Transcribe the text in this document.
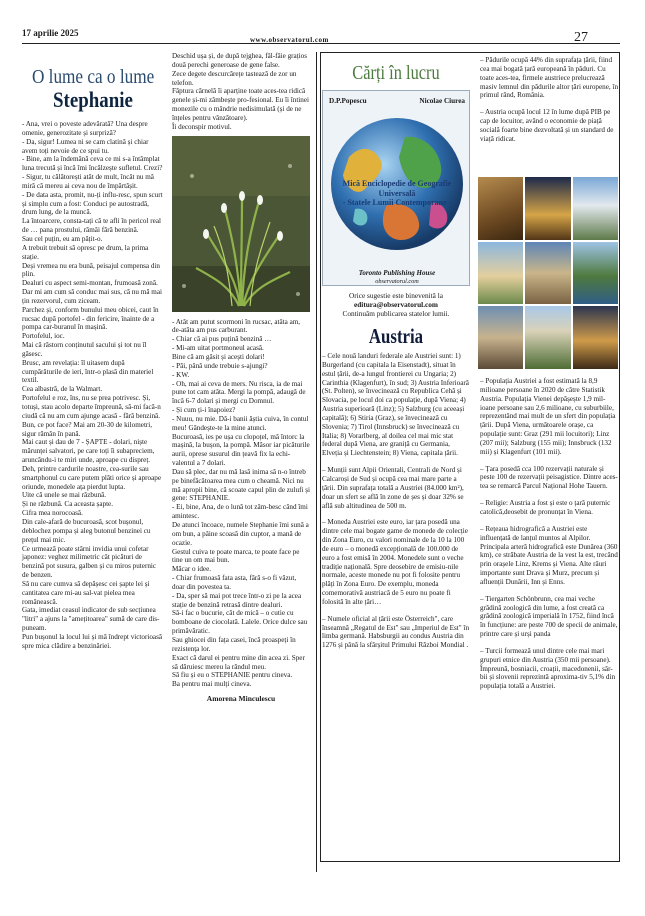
17 aprilie 2025
www.observatorul.com	27
O lume ca o lume
Stephanie

- Ana, vrei o poveste adevărată? Una despre omenie, generozitate și surpriză?

- Da, sigur! Lumea ni se cam clatină și chiar avem toți nevoie de ce spui tu.

- Bine, am la îndemână ceva ce mi s-a întâmplat luna trecută și încă îmi încălzește sufletul. Crezi?

- Sigur, tu călătorești atât de mult, încât nu mă miră că mereu ai ceva nou de împărtășit.

- De data asta, promit, nu-ți influ-resc, spun scurt și simplu cum a fost: Conduci pe autostradă, drum lung, de la muncă.

La întoarcere, consta-tați că te afli în pericol real de … pana prostului, rămâi fără benzină.

Sau cel puțin, eu am pățit-o.

A trebuit trebuit să opresc pe drum, la prima stație.

Deși vremea nu era bună, peisajul compensa din plin.

Dealuri cu aspect semi-montan, frumoasă zonă.

Dar mi am cum să conduc mai sus, că nu mă mai țin rezervorul, cum ziceam.

Parchez și, conform bunului meu obicei, caut în rucsac după portofel - din fericire, înainte de a pompa car-buranul în mașină.

Portofelul, ioc.

Mai că răstorn conținutul sacului și tot nu îl găsesc.

Brusc, am revelația: îl uitasem după cumpărăturile de ieri, într-o plasă din materiel textil.

Cea albastră, de la Walmart.

Portofelul e roz, îns, nu se prea potrivesc. Și, totuși, stau acolo departe împreună, să-mi facă-n ciudă că nu am cum ajunge acasă - fără benzină.

Bun, ce pot face? Mai am 20-30 de kilometri, sigur rămân în pană.

Mai caut și dau de 7 - ȘAPTE - dolari, niște mărunței salvatori, pe care toți îi subapreciem, aruncându-i te miri unde, aproape cu dispreț.

Deh, printre cardurile noastre, cea-surile sau smartphonul cu care putem plăti orice și aproape oriunde, monedele ața pierdut lupta.

Uite că unele se mai răzbună.

Și ne răzbună. Ca aceasta șapte.

Cifra mea norocoasă.

Din cale-afară de bucuroasă, scot bușonul, deblochez pompa și aleg butonul benzinei cu prețul mai mic.

Ce urmează poate stârni invidia unui cofetar japonez: veghez milimetric cât picături de benzină pot susura, galben și cu miros puternic de benzen.

Să nu care cumva să depășesc cei șapte lei și cantitatea care mi-au sal-vat pielea mea românească.

Gata, imediat ceasul indicator de sub secțiunea "litri" a ajuns la "amețitoarea" sumă de care dis-puneam.

Pun bușonul la locul lui și mă îndrept victorioasă spre mica clădire a benzinăriei.

Deschid ușa și, de după tejghea, fâl-fâie grațios două perechi generoase de gene false.

Zece degete descurcărețe tastează de zor un telefon.

Făptura cărnelă îi aparține toate aces-tea ridică genele și-mi zâmbește pro-fesional. Eu îi întinei monezile cu o mândrie nedisimulată (și de ne înțeles pentru vânzătoare).

Îi deconspir motivul.

- Atât am putut scormoni în rucsac, atâta am, de-atâta am pus carburant.

- Chiar că ai pus puțină benzină …

- Mi-am uitat portmoneul acasă.

Bine că am găsit și acești dolari!

- Păi, până unde trebuie s-ajungi?

- KW.

- Oh, mai ai ceva de mers. Nu risca, ia de mai pune tot cam atâta. Mergi la pompă, adaugă de încă 6-7 dolari și mergi cu Domnul.

- Și cum ți-i înapoiez?

- Nuuu, nu mie. Dă-i banii ăștia cuiva, în contul meu! Gândește-te la mine atunci.

Bucuroasă, ies pe ușa cu clopoțel, mă întorc la mașină, la bușon, la pompă. Măsor iar picăturile aurii, oprese susurul din țeavă fix la echi-valentul a 7 dolari.

Dau să plec, dar nu mă lasă inima să n-o întreb pe binefăcătoarea mea cum o cheamă. Nici nu mă apropii bine, că scoate capul plin de zulufi și gene: STEPHANIE.

- Ei, bine, Ana, de o lună tot zâm-besc când îmi amintesc.

De atunci încoace, numele Stephanie îmi sună a om bun, a pâine scoasă din cuptor, a mană de ocazie.

Gestul cuiva te poate marca, te poate face pe tine un om mai bun.

Măcar o idee.

- Chiar frumoasă fata asta, fără s-o fi văzut, doar din povestea ta.

- Da, sper să mai pot trece într-o zi pe la acea stație de benzină retrasă dintre dealuri.

Să-i fac o bucurie, cât de mică – o cutie cu bomboane de ciocolată. Lalele. Orice dulce sau primăvăratic.

Sau ghiocei din fața casei, încă proaspeți în rezistența lor.

Exact că darul ei pentru mine din acea zi. Sper să dăruiesc mereu la rândul meu.

Să fiu și eu o STEPHANIE pentru cineva.

Ba pentru mai mulți cineva.

Amorena Minculescu
Cărți în lucru
D.P.Popescu	Nicolae Ciurea
Mică Enciclopedie de Geografie Universală
- Statele Lumii Contemporane -
Toronto Publishing House
observatorul.com
Orice sugestie este binevenită la
editura@observatorul.com
Continuăm publicarea statelor lumii.
Austria

– Cele nouă landuri federale ale Austriei sunt: 1) Burgerland (cu capitala la Eisenstadt), situat în estul țării, de-a lungul frontierei cu Ungaria; 2) Carinthia (Klagenfurt), în sud; 3) Austria Inferioară (St. Polten), se învecinează cu Republica Cehă și Slovacia, pe locul doi ca populație, după Viena; 4) Austria superioară (Linz); 5) Salzburg (cu aceeași capitală); 6) Stiria (Graz), se învecinează cu Slovenia; 7) Tirol (Innsbruck) se învecinează cu Italia; 8) Vorarlberg, al doilea cel mai mic stat federal după Viena, are graniță cu Germania, Elveția și Liechtenstein; 8) Viena, capitala țării.

– Munții sunt Alpii Orientali, Centrali de Nord și Calcaroși de Sud și ocupă cea mai mare parte a țării. Din suprafața totală a Austriei (84.000 km²), doar un sfert se află în zone de șes și doar 32% se află sub altitudinea de 500 m.

– Moneda Austriei este euro, iar țara posedă una dintre cele mai bogate game de monede de colecție din Zona Euro, cu valori nominale de la 10 la 100 de euro – o monedă excepțională de 100.000 de euro a fost emisă în 2004. Monedele sunt o veche tradiție națională. Spre deosebire de emisiu-nile normale, aceste monede nu pot fi folosite pentru plăți în Zona Euro. De exemplu, moneda comemorativă austriacă de 5 euro nu poate fi folosită în alte țări…

– Numele oficial al țării este Österreich", care înseamnă „Regatul de Est" sau „Imperiul de Est" în limba germană. Habsburgii au condus Austria din 1276 și până la sfârșitul Primului Război Mondial .

– Pădurile ocupă 44% din suprafața țării, fiind cea mai bogată țară europeană în păduri. Cu toate aces-tea, firmele austriece prelucrează masiv lemnul din pădurile altor țări europene, în primul rând, România.

– Austria ocupă locul 12 în lume după PIB pe cap de locuitor, având o economie de piață socială foarte bine dezvoltată și un standard de viață ridicat.

– Populația Austriei a fost estimată la 8,9 milioane persoane în 2020 de către Statistik Austria. Populația Vienei depășește 1,9 mil-ioane persoane sau 2,6 milioane, cu suburbiile, reprezentând mai mult de un sfert din populația țării. După Viena, următoarele orașe, ca populație sunt: Graz (291 mii locuitori); Linz (207 mii); Salzburg (155 mii); Innsbruck (132 mii) și Klagenfurt (101 mii).

– Țara posedă cca 100 rezervații naturale și peste 100 de rezervații peisagistice. Dintre aces-tea se remarcă Parcul Național Hohe Tauern.

– Religie: Austria a fost și este o țară puternic catolică,deosebit de pronunțat în Viena.

– Rețeaua hidrografică a Austriei este influențată de lanțul muntos al Alpilor. Principala arteră hidrografică este Dunărea (360 km), ce străbate Austria de la vest la est, trecând prin orașele Linz, Krems și Viena. Alte râuri importante sunt Drava și Murz, precum și afluenții Dunării, Inn și Enns.

– Tiergarten Schönbrunn, cea mai veche grădină zoologică din lume, a fost creată ca grădină zoologică imperială în 1752, fiind încă în funcțiune: are peste 700 de specii de animale, printre care și urși panda

– Turcii formează unul dintre cele mai mari grupuri etnice din Austria (350 mii persoane). Împreună, bosniacii, croații, macedonenii, sâr-bii și slovenii reprezintă aproxima-tiv 5,1% din populația totală a Austriei.
